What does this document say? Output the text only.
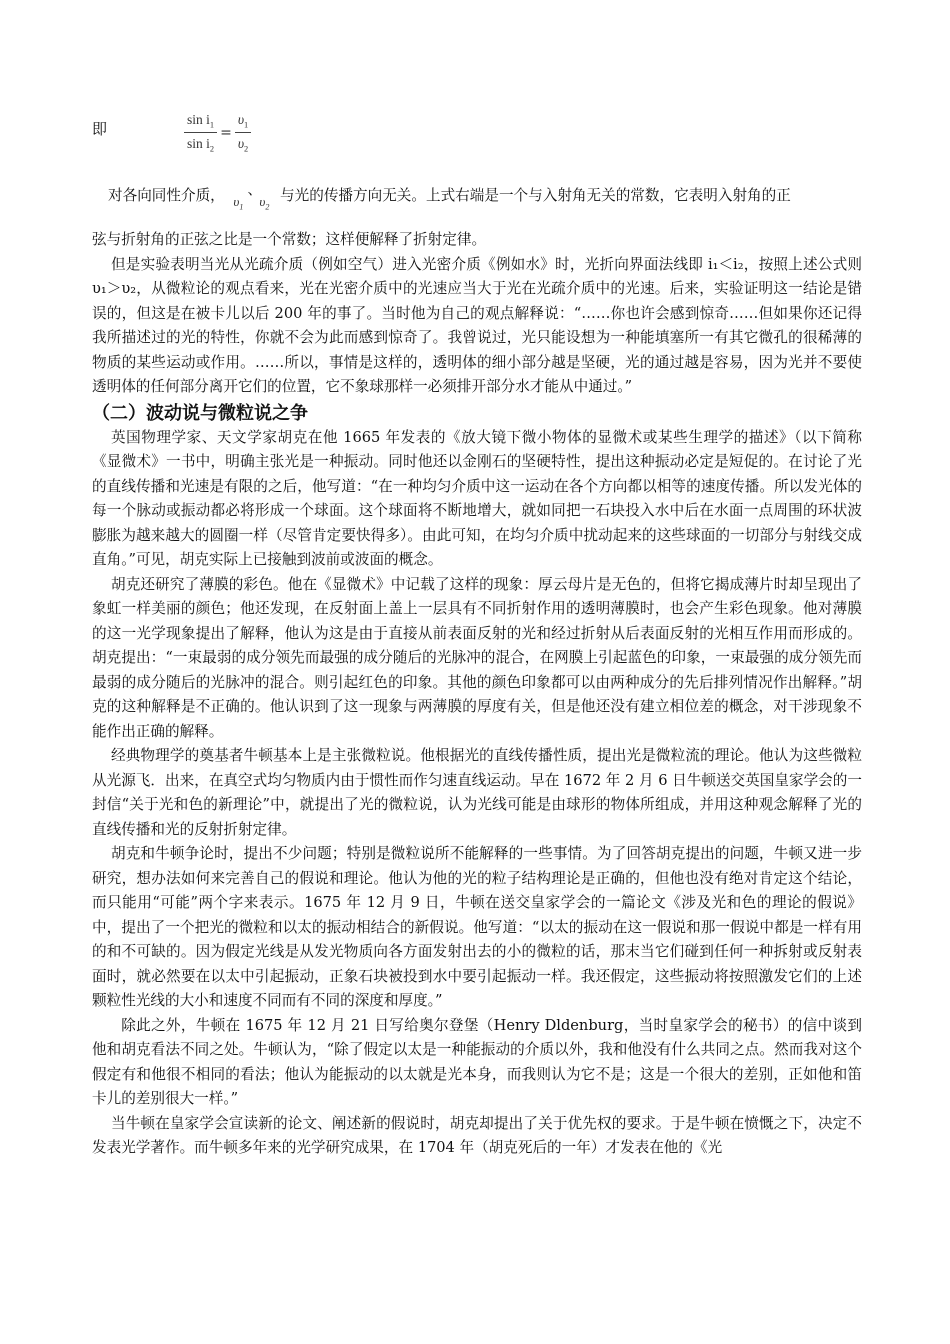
即	$\frac{\sin i_1}{\sin i_2} = \frac{\upsilon_1}{\upsilon_2}$
对各向同性介质， $\upsilon_1$
、
$\upsilon_2$
与光的传播方向无关。上式右端是一个与入射角无关的常数，它表明入射角的正

弦与折射角的正弦之比是一个常数；这样便解释了折射定律。

但是实验表明当光从光疏介质（例如空气）进入光密介质《例如水》时，光折向界面法线即 i₁＜i₂，按照上述公式则 υ₁＞υ₂，从微粒论的观点看来，光在光密介质中的光速应当大于光在光疏介质中的光速。后来，实验证明这一结论是错误的，但这是在被卡儿以后 200 年的事了。当时他为自己的观点解释说：“……你也许会感到惊奇……但如果你还记得我所描述过的光的特性，你就不会为此而感到惊奇了。我曾说过，光只能设想为一种能填塞所一有其它微孔的很稀薄的物质的某些运动或作用。……所以，事情是这样的，透明体的细小部分越是坚硬，光的通过越是容易，因为光并不要使透明体的任何部分离开它们的位置，它不象球那样一必须排开部分水才能从中通过。”

（二）波动说与微粒说之争

英国物理学家、天文学家胡克在他 1665 年发表的《放大镜下微小物体的显微术或某些生理学的描述》（以下简称《显微术》一书中，明确主张光是一种振动。同时他还以金刚石的坚硬特性，提出这种振动必定是短促的。在讨论了光的直线传播和光速是有限的之后，他写道：“在一种均匀介质中这一运动在各个方向都以相等的速度传播。所以发光体的每一个脉动或振动都必将形成一个球面。这个球面将不断地增大，就如同把一石块投入水中后在水面一点周围的环状波膨胀为越来越大的圆圈一样（尽管肯定要快得多）。由此可知，在均匀介质中扰动起来的这些球面的一切部分与射线交成直角。”可见，胡克实际上已接触到波前或波面的概念。

胡克还研究了薄膜的彩色。他在《显微术》中记载了这样的现象：厚云母片是无色的，但将它揭成薄片时却呈现出了象虹一样美丽的颜色；他还发现，在反射面上盖上一层具有不同折射作用的透明薄膜时，也会产生彩色现象。他对薄膜的这一光学现象提出了解释，他认为这是由于直接从前表面反射的光和经过折射从后表面反射的光相互作用而形成的。胡克提出：“一束最弱的成分领先而最强的成分随后的光脉冲的混合，在网膜上引起蓝色的印象，一束最强的成分领先而最弱的成分随后的光脉冲的混合。则引起红色的印象。其他的颜色印象都可以由两种成分的先后排列情况作出解释。”胡克的这种解释是不正确的。他认识到了这一现象与两薄膜的厚度有关，但是他还没有建立相位差的概念，对干涉现象不能作出正确的解释。

经典物理学的奠基者牛顿基本上是主张微粒说。他根据光的直线传播性质，提出光是微粒流的理论。他认为这些微粒从光源飞．出来，在真空式均匀物质内由于惯性而作匀速直线运动。早在 1672 年 2 月 6 日牛顿送交英国皇家学会的一封信“关于光和色的新理论”中，就提出了光的微粒说，认为光线可能是由球形的物体所组成，并用这种观念解释了光的直线传播和光的反射折射定律。

胡克和牛顿争论时，提出不少问题；特别是微粒说所不能解释的一些事情。为了回答胡克提出的问题，牛顿又进一步研究，想办法如何来完善自己的假说和理论。他认为他的光的粒子结构理论是正确的，但他也没有绝对肯定这个结论，而只能用“可能”两个字来表示。1675 年 12 月 9 日，牛顿在送交皇家学会的一篇论文《涉及光和色的理论的假说》中，提出了一个把光的微粒和以太的振动相结合的新假说。他写道：“以太的振动在这一假说和那一假说中都是一样有用的和不可缺的。因为假定光线是从发光物质向各方面发射出去的小的微粒的话，那末当它们碰到任何一种拆射或反射表面时，就必然要在以太中引起振动，正象石块被投到水中要引起振动一样。我还假定，这些振动将按照激发它们的上述颗粒性光线的大小和速度不同而有不同的深度和厚度。”

除此之外，牛顿在 1675 年 12 月 21 日写给奥尔登堡（Henry Dldenburg，当时皇家学会的秘书）的信中谈到他和胡克看法不同之处。牛顿认为，“除了假定以太是一种能振动的介质以外，我和他没有什么共同之点。然而我对这个假定有和他很不相同的看法；他认为能振动的以太就是光本身，而我则认为它不是；这是一个很大的差别，正如他和笛卡儿的差别很大一样。”

当牛顿在皇家学会宣读新的论文、阐述新的假说时，胡克却提出了关于优先权的要求。于是牛顿在愤慨之下，决定不发表光学著作。而牛顿多年来的光学研究成果，在 1704 年（胡克死后的一年）才发表在他的《光
